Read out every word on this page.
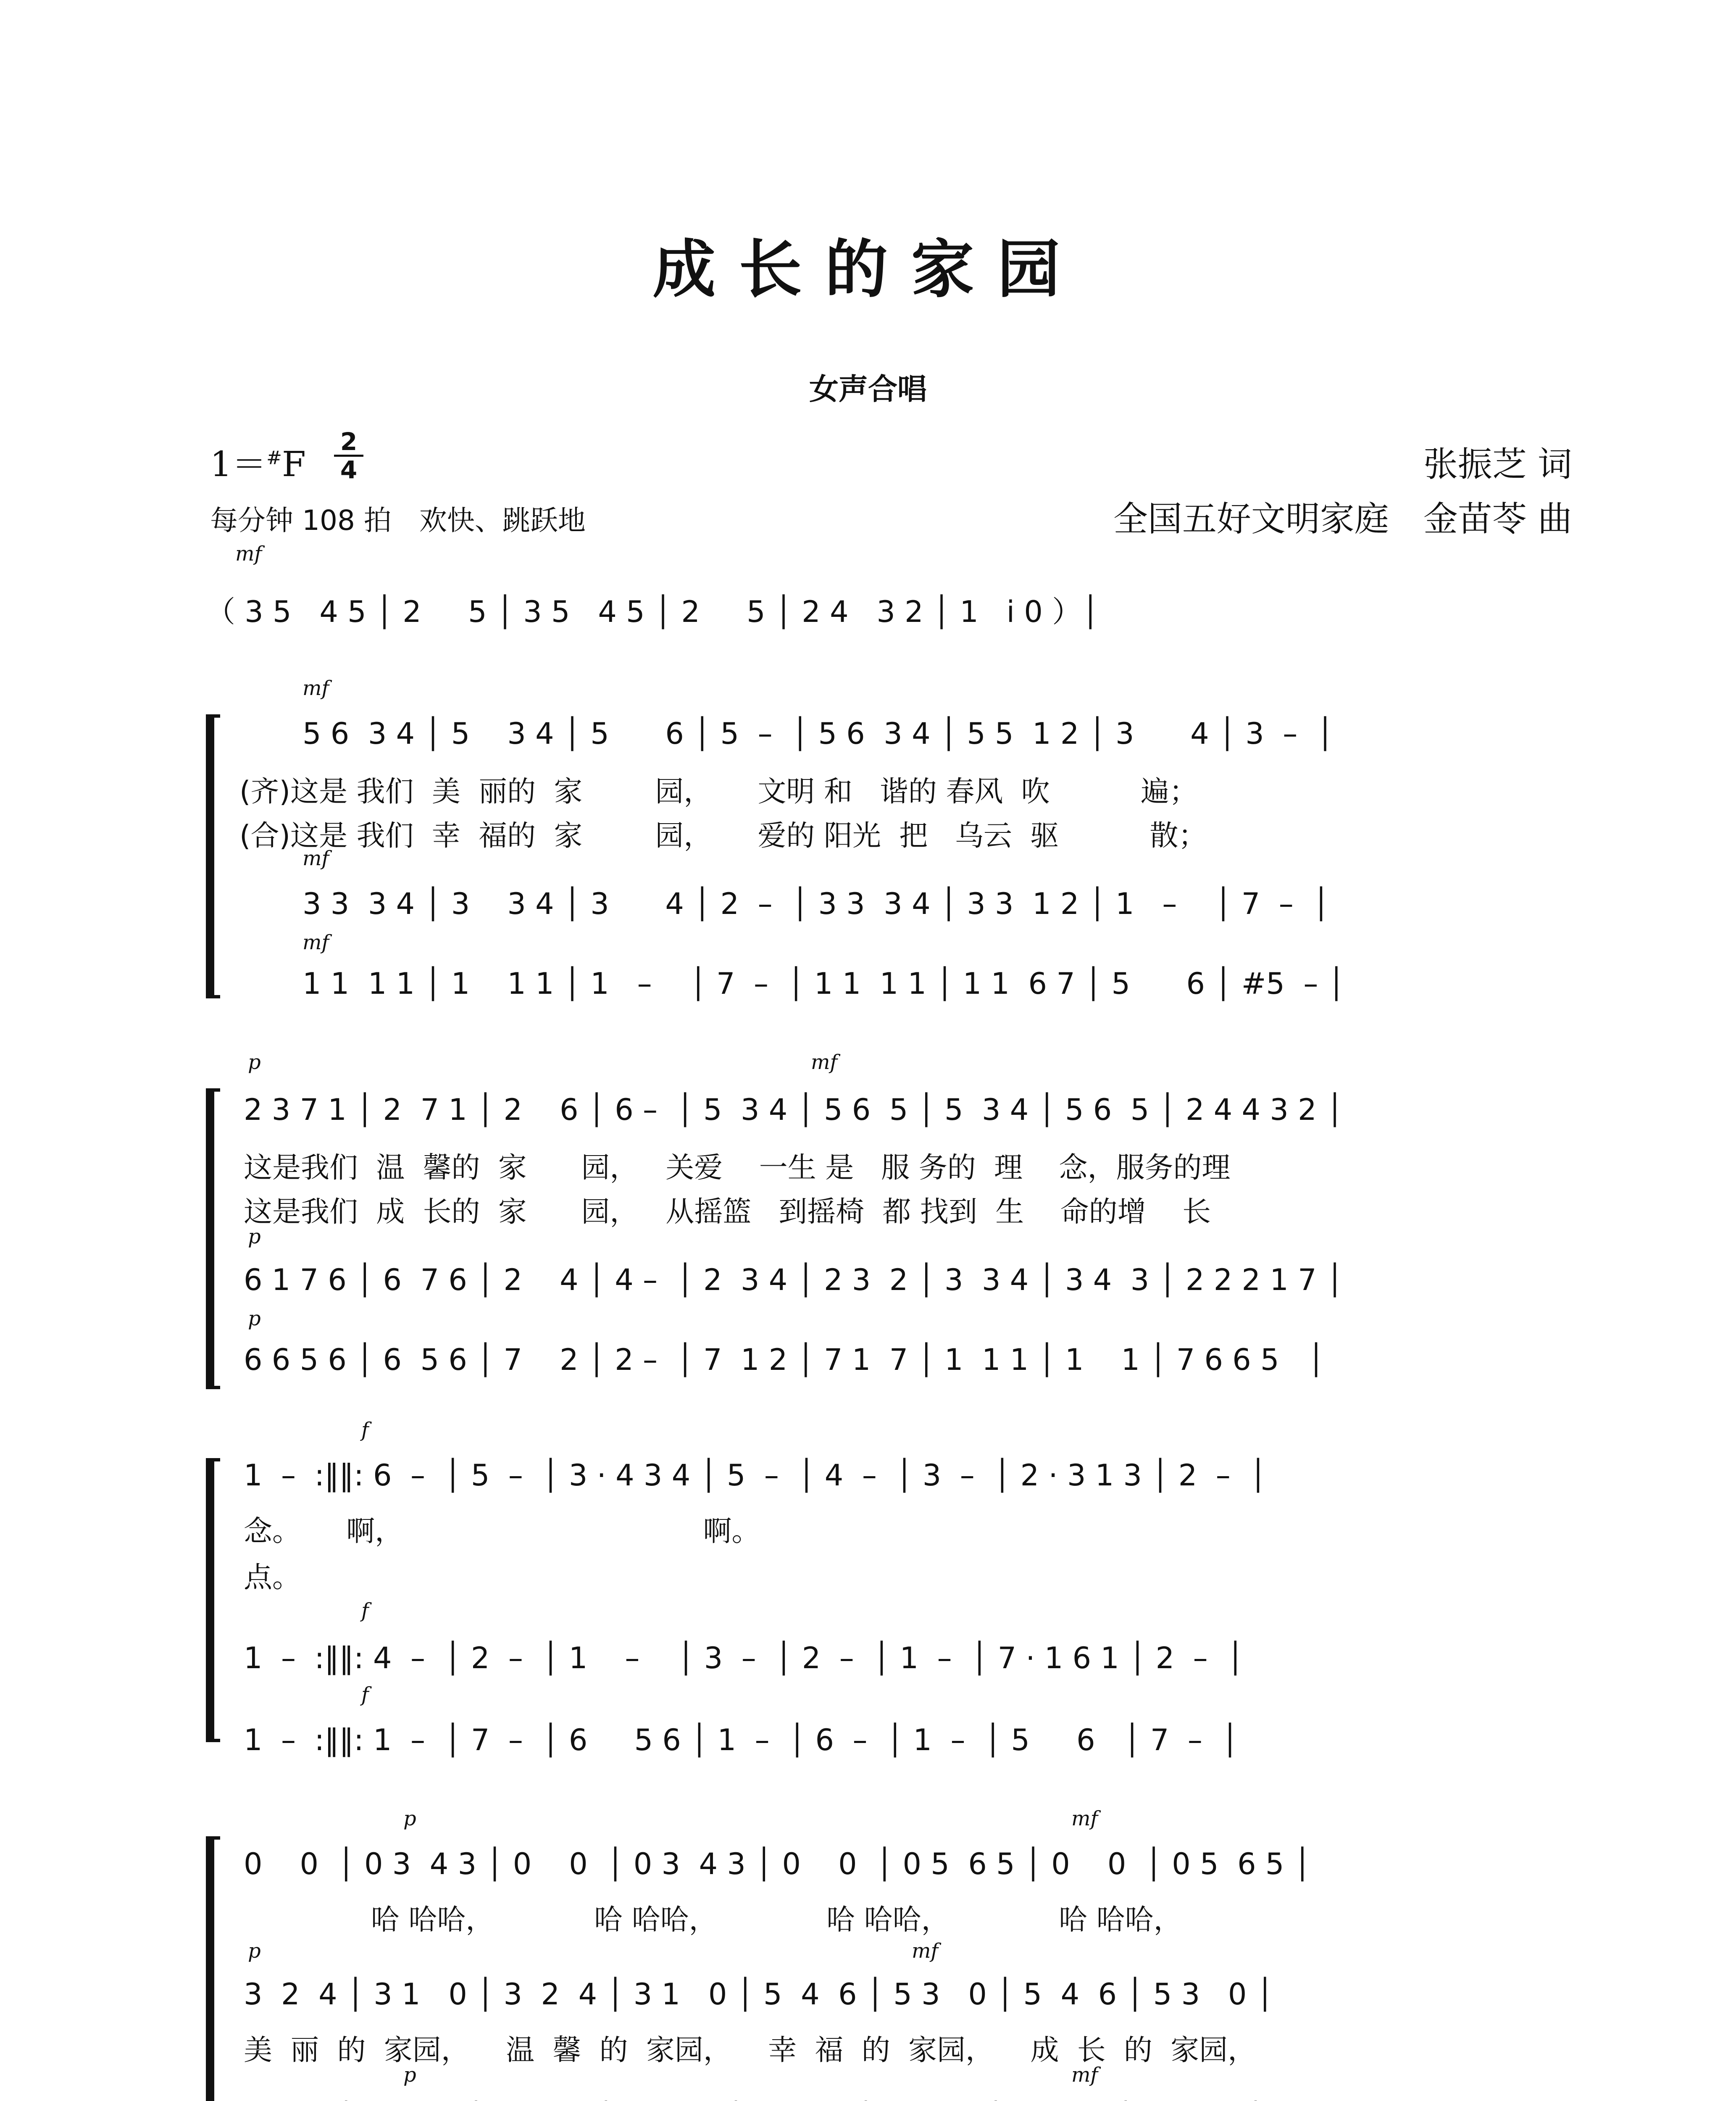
成长的家园
女声合唱
1＝#F
2
4
每分钟 108 拍　欢快、跳跃地
张振芝 词
全国五好文明家庭　金苗苓 曲
mf
（ 3 5   4 5 │ 2     5 │ 3 5   4 5 │ 2     5 │ 2 4   3 2 │ 1   i 0 ）│
mf
5 6  3 4 │ 5    3 4 │ 5      6 │ 5  –  │ 5 6  3 4 │ 5 5  1 2 │ 3      4 │ 3  –  │
(齐)这是 我们  美  丽的  家        园，     文明 和   谐的 春风  吹          遍；
(合)这是 我们  幸  福的  家        园，     爱的 阳光  把   乌云  驱          散；
mf
3 3  3 4 │ 3    3 4 │ 3      4 │ 2  –  │ 3 3  3 4 │ 3 3  1 2 │ 1   –    │ 7  –  │
mf
1 1  1 1 │ 1    1 1 │ 1   –    │ 7  –  │ 1 1  1 1 │ 1 1  6 7 │ 5      6 │ #5  – │
p	mf
2 3 7 1 │ 2  7 1 │ 2    6 │ 6 –  │ 5  3 4 │ 5 6  5 │ 5  3 4 │ 5 6  5 │ 2 4 4 3 2 │
这是我们  温  馨的  家      园，   关爱    一生 是   服 务的  理    念，服务的理
这是我们  成  长的  家      园，   从摇篮   到摇椅  都 找到  生    命的增    长
p
6 1 7 6 │ 6  7 6 │ 2    4 │ 4 –  │ 2  3 4 │ 2 3  2 │ 3  3 4 │ 3 4  3 │ 2 2 2 1 7 │
p
6 6 5 6 │ 6  5 6 │ 7    2 │ 2 –  │ 7  1 2 │ 7 1  7 │ 1  1 1 │ 1    1 │ 7 6 6 5   │
f
1  –  :‖‖: 6  –  │ 5  –  │ 3 · 4 3 4 │ 5  –  │ 4  –  │ 3  –  │ 2 · 3 1 3 │ 2  –  │
念。     啊，                                 啊。
点。
f
1  –  :‖‖: 4  –  │ 2  –  │ 1    –    │ 3  –  │ 2  –  │ 1  –  │ 7 · 1 6 1 │ 2  –  │
f
1  –  :‖‖: 1  –  │ 7  –  │ 6     5 6 │ 1  –  │ 6  –  │ 1  –  │ 5     6   │ 7  –  │
p	mf
0    0  │ 0 3  4 3 │ 0    0  │ 0 3  4 3 │ 0    0  │ 0 5  6 5 │ 0    0  │ 0 5  6 5 │
哈 哈哈，           哈 哈哈，            哈 哈哈，            哈 哈哈，
p	mf
3  2  4 │ 3 1   0 │ 3  2  4 │ 3 1   0 │ 5  4  6 │ 5 3   0 │ 5  4  6 │ 5 3   0 │
美  丽  的  家园，    温  馨  的  家园，    幸  福  的  家园，    成  长  的  家园，
p	mf
